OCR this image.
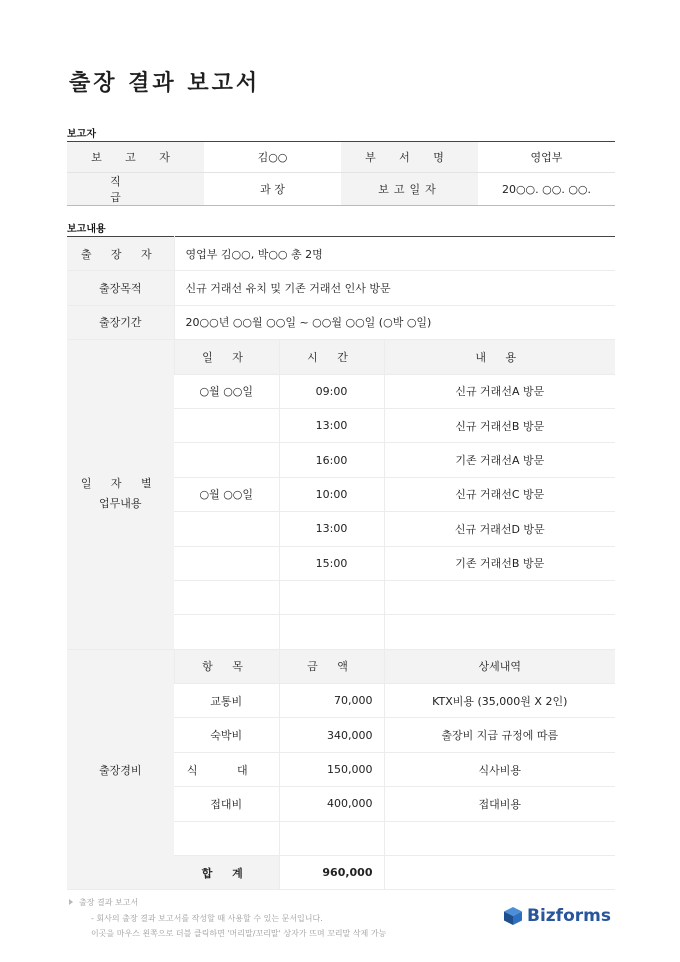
출장 결과 보고서
보고자
보 고 자	김○○	부 서 명	영업부
직 급	과 장	보고일자	20○○. ○○. ○○.
보고내용
출 장 자	영업부 김○○, 박○○ 총 2명		
출장목적	신규 거래선 유치 및 기존 거래선 인사 방문		
출장기간	20○○년 ○○월 ○○일 ~ ○○월 ○○일 (○박 ○일)		
일 자 별
업무내용	일 자	시 간	내 용
	○월 ○○일	09:00	신규 거래선A 방문
		13:00	신규 거래선B 방문
		16:00	기존 거래선A 방문
	○월 ○○일	10:00	신규 거래선C 방문
		13:00	신규 거래선D 방문
		15:00	기존 거래선B 방문

출장경비	항 목	금 액	상세내역
	교통비	70,000	KTX비용 (35,000원 X 2인)
	숙박비	340,000	출장비 지급 규정에 따름
	식 대	150,000	식사비용
	접대비	400,000	접대비용

	합 계	960,000	
출장 결과 보고서
- 회사의 출장 결과 보고서를 작성할 때 사용할 수 있는 문서입니다.
이곳을 마우스 왼쪽으로 더블 클릭하면 '머리말/꼬리말' 상자가 뜨며 꼬리말 삭제 가능
Bizforms
